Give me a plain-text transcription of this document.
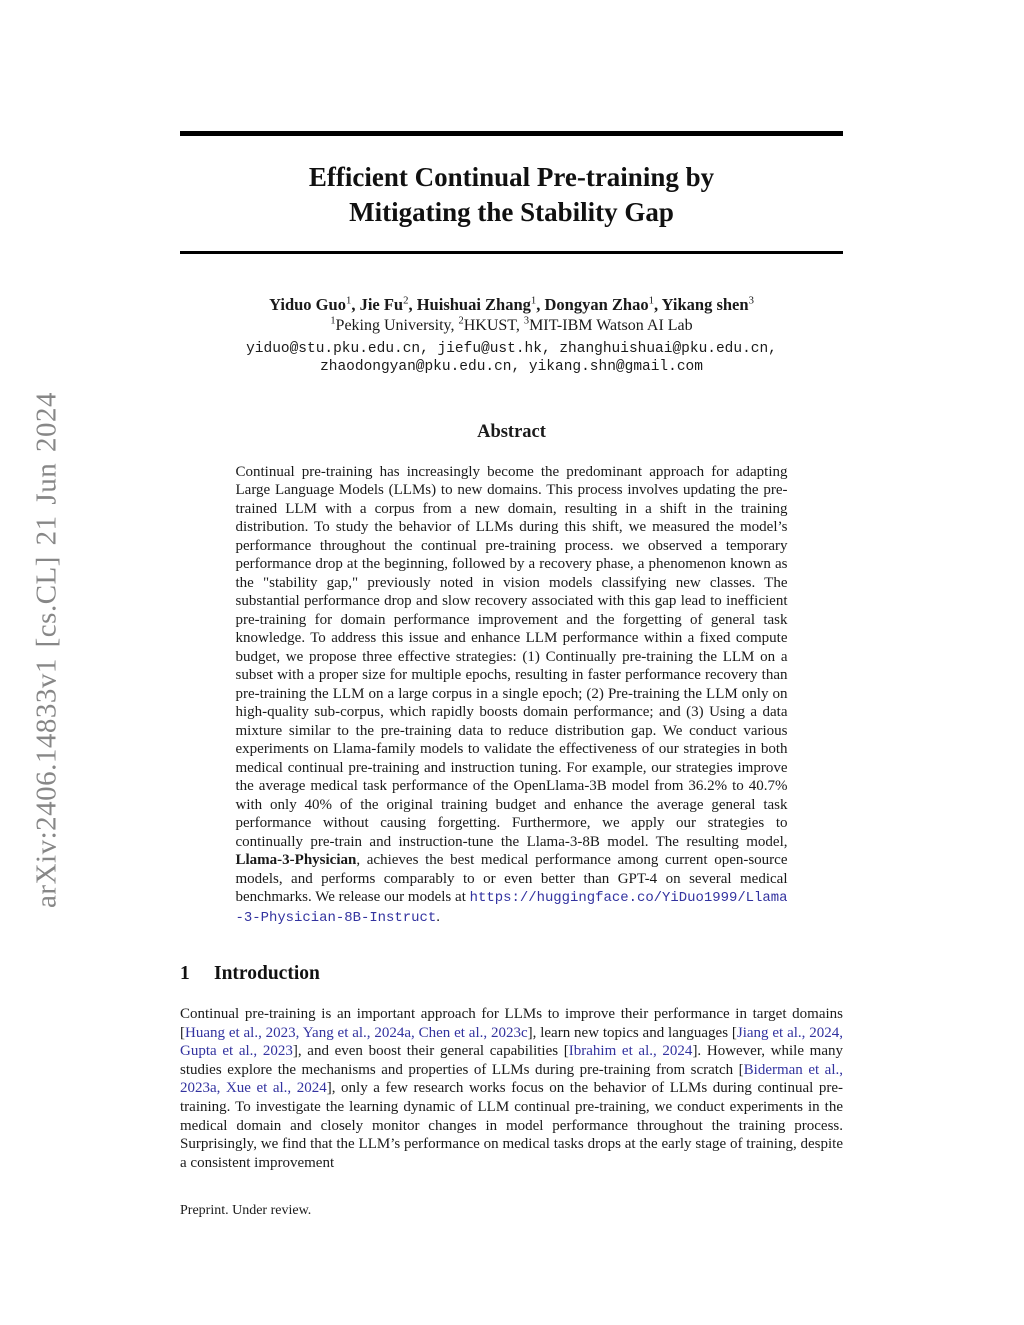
arXiv:2406.14833v1 [cs.CL] 21 Jun 2024
Efficient Continual Pre-training by
Mitigating the Stability Gap
Yiduo Guo$^1$, Jie Fu$^2$, Huishuai Zhang$^1$, Dongyan Zhao$^1$, Yikang shen$^3$
$^1$Peking University, $^2$HKUST, $^3$MIT-IBM Watson AI Lab
yiduo@stu.pku.edu.cn, jiefu@ust.hk, zhanghuishuai@pku.edu.cn,
zhaodongyan@pku.edu.cn, yikang.shn@gmail.com
Abstract
Continual pre-training has increasingly become the predominant approach for adapting Large Language Models (LLMs) to new domains. This process involves updating the pre-trained LLM with a corpus from a new domain, resulting in a shift in the training distribution. To study the behavior of LLMs during this shift, we measured the model’s performance throughout the continual pre-training process. we observed a temporary performance drop at the beginning, followed by a recovery phase, a phenomenon known as the "stability gap," previously noted in vision models classifying new classes. The substantial performance drop and slow recovery associated with this gap lead to inefficient pre-training for domain performance improvement and the forgetting of general task knowledge. To address this issue and enhance LLM performance within a fixed compute budget, we propose three effective strategies: (1) Continually pre-training the LLM on a subset with a proper size for multiple epochs, resulting in faster performance recovery than pre-training the LLM on a large corpus in a single epoch; (2) Pre-training the LLM only on high-quality sub-corpus, which rapidly boosts domain performance; and (3) Using a data mixture similar to the pre-training data to reduce distribution gap. We conduct various experiments on Llama-family models to validate the effectiveness of our strategies in both medical continual pre-training and instruction tuning. For example, our strategies improve the average medical task performance of the OpenLlama-3B model from 36.2% to 40.7% with only 40% of the original training budget and enhance the average general task performance without causing forgetting. Furthermore, we apply our strategies to continually pre-train and instruction-tune the Llama-3-8B model. The resulting model, Llama-3-Physician, achieves the best medical performance among current open-source models, and performs comparably to or even better than GPT-4 on several medical benchmarks. We release our models at https://huggingface.co/YiDuo1999/Llama-3-Physician-8B-Instruct.
1 Introduction
Continual pre-training is an important approach for LLMs to improve their performance in target domains [Huang et al., 2023, Yang et al., 2024a, Chen et al., 2023c], learn new topics and languages [Jiang et al., 2024, Gupta et al., 2023], and even boost their general capabilities [Ibrahim et al., 2024]. However, while many studies explore the mechanisms and properties of LLMs during pre-training from scratch [Biderman et al., 2023a, Xue et al., 2024], only a few research works focus on the behavior of LLMs during continual pre-training. To investigate the learning dynamic of LLM continual pre-training, we conduct experiments in the medical domain and closely monitor changes in model performance throughout the training process. Surprisingly, we find that the LLM’s performance on medical tasks drops at the early stage of training, despite a consistent improvement
Preprint. Under review.
